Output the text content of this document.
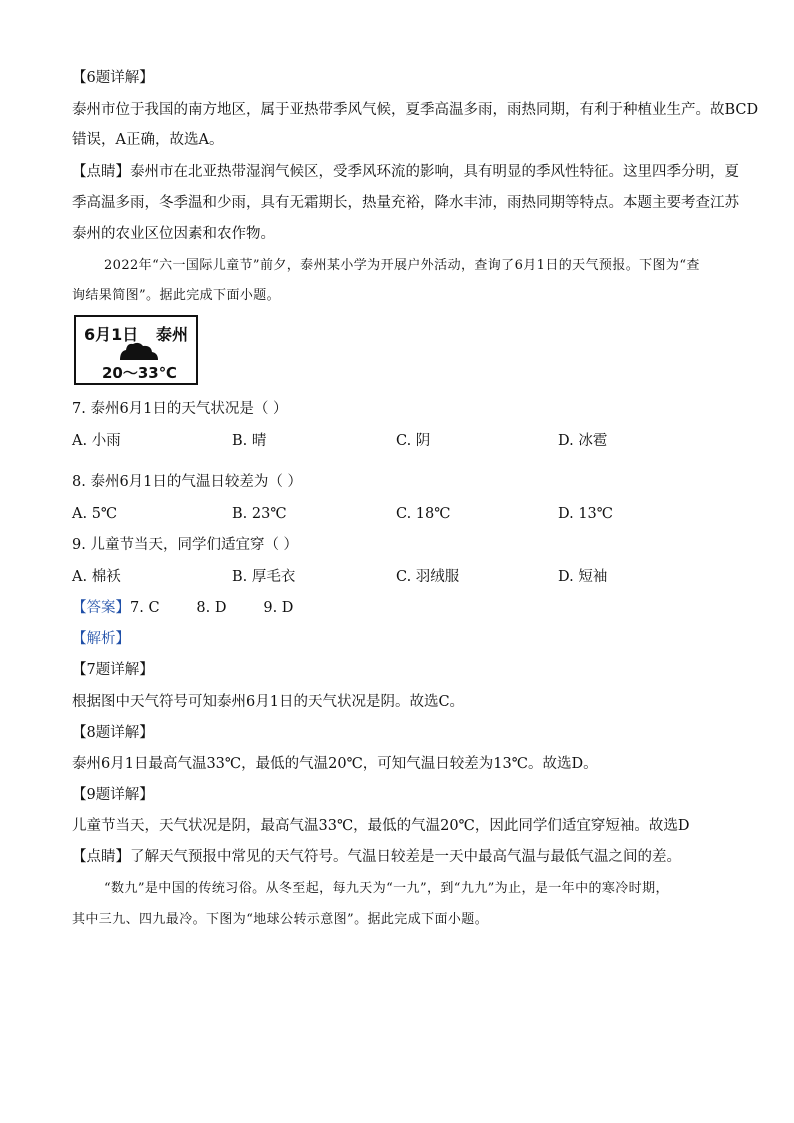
【6题详解】
泰州市位于我国的南方地区，属于亚热带季风气候，夏季高温多雨，雨热同期，有利于种植业生产。故BCD
错误，A正确，故选A。
【点睛】泰州市在北亚热带湿润气候区，受季风环流的影响，具有明显的季风性特征。这里四季分明，夏
季高温多雨，冬季温和少雨，具有无霜期长，热量充裕，降水丰沛，雨热同期等特点。本题主要考查江苏
泰州的农业区位因素和农作物。
2022年“六一国际儿童节”前夕，泰州某小学为开展户外活动，查询了6月1日的天气预报。下图为“查
询结果简图”。据此完成下面小题。
6月1日 泰州
20～33℃
7. 泰州6月1日的天气状况是（ ）
A. 小雨	B. 晴	C. 阴	D. 冰雹
8. 泰州6月1日的气温日较差为（ ）
A. 5℃	B. 23℃	C. 18℃	D. 13℃
9. 儿童节当天，同学们适宜穿（ ）
A. 棉袄	B. 厚毛衣	C. 羽绒服	D. 短袖
【答案】7. C        8. D        9. D
【解析】
【7题详解】
根据图中天气符号可知泰州6月1日的天气状况是阴。故选C。
【8题详解】
泰州6月1日最高气温33℃，最低的气温20℃，可知气温日较差为13℃。故选D。
【9题详解】
儿童节当天，天气状况是阴，最高气温33℃，最低的气温20℃，因此同学们适宜穿短袖。故选D
【点睛】了解天气预报中常见的天气符号。气温日较差是一天中最高气温与最低气温之间的差。
“数九”是中国的传统习俗。从冬至起，每九天为“一九”，到“九九”为止，是一年中的寒冷时期，
其中三九、四九最冷。下图为“地球公转示意图”。据此完成下面小题。
